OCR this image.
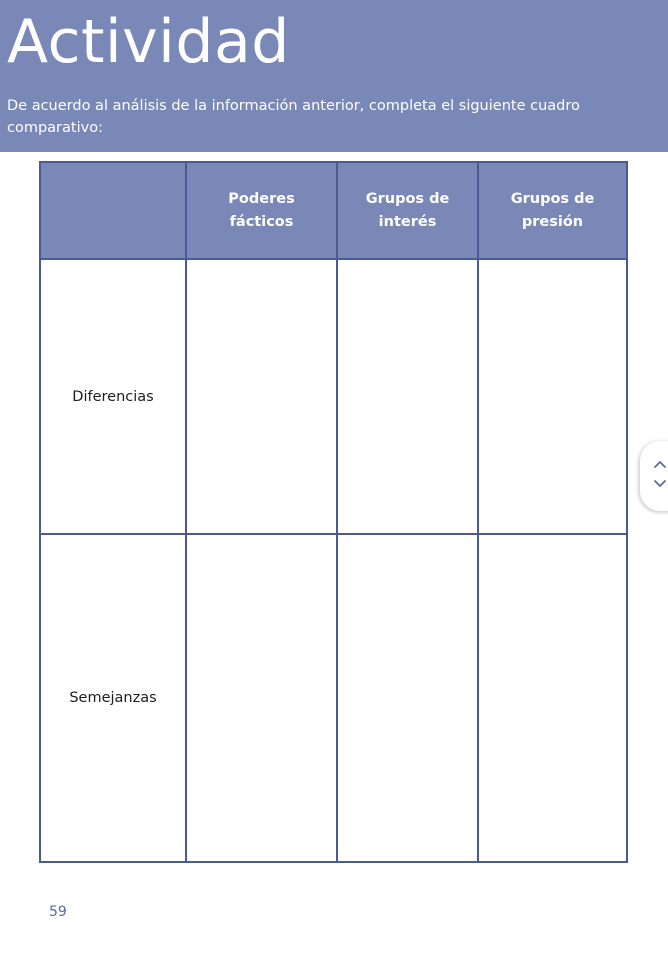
Actividad

De acuerdo al análisis de la información anterior, completa el siguiente cuadro comparativo:

	Poderes fácticos	Grupos de interés	Grupos de presión
Diferencias			
Semejanzas			
59
